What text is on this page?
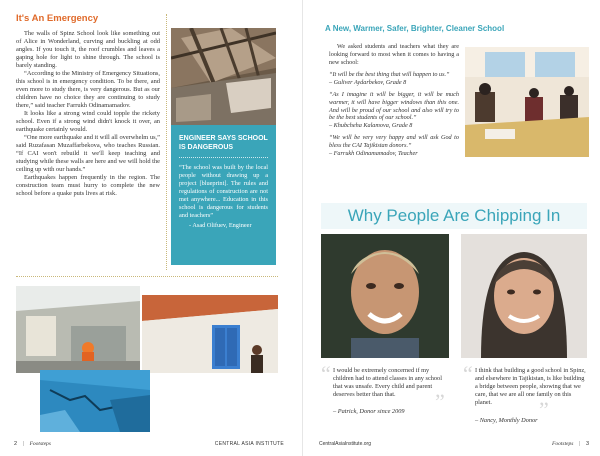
It's An Emergency

The walls of Spinz School look like something out of Alice in Wonderland, curving and buckling at odd angles. If you touch it, the roof crumbles and leaves a gaping hole for light to shine through. The school is barely standing.

“According to the Ministry of Emergency Situations, this school is in emergency condition. To be there, and even more to study there, is very dangerous. But as our children have no choice they are continuing to study there,” said teacher Farrukh Odinamamadov.

It looks like a strong wind could topple the rickety school. Even if a strong wind didn't knock it over, an earthquake certainly would.

“One more earthquake and it will all overwhelm us,” said Ruzafasan Muzaffarbekova, who teaches Russian. “If CAI won't rebuild it we'll keep teaching and studying while these walls are here and we will hold the ceiling up with our hands.”

Earthquakes happen frequently in the region. The construction team must hurry to complete the new school before a quake puts lives at risk.

ENGINEER SAYS SCHOOL
IS DANGEROUS
“The school was built by the local people without drawing up a project [blueprint]. The rules and regulations of construction are not met anywhere... Education in this school is dangerous for students and teachers”
- Asad Olifuev, Engineer
2 | Footsteps	CENTRAL ASIA INSTITUTE
A New, Warmer, Safer, Brighter, Cleaner School

We asked students and teachers what they are looking forward to most when it comes to having a new school:

“It will be the best thing that will happen to us.”

– Guliver Aydarbekov, Grade 8

“As I imagine it will be bigger, it will be much warmer, it will have bigger windows than this one. And will be proud of our school and also will try to be the best students of our school.”

– Khubcheha Kalamova, Grade 8

“We will be very very happy and will ask God to bless the CAI Tajikistan donors.”

– Farrukh Odinamamadov, Teacher

Why People Are Chipping In
“ I would be extremely concerned if my children had to attend classes in any school that was unsafe. Every child and parent deserves better than that.	”
– Patrick, Donor since 2009
“ I think that building a good school in Spinz, and elsewhere in Tajikistan, is like building a bridge between people, showing that we care, that we are all one family on this planet.	”
– Nancy, Monthly Donor
CentralAsiaInstitute.org	Footsteps | 3
